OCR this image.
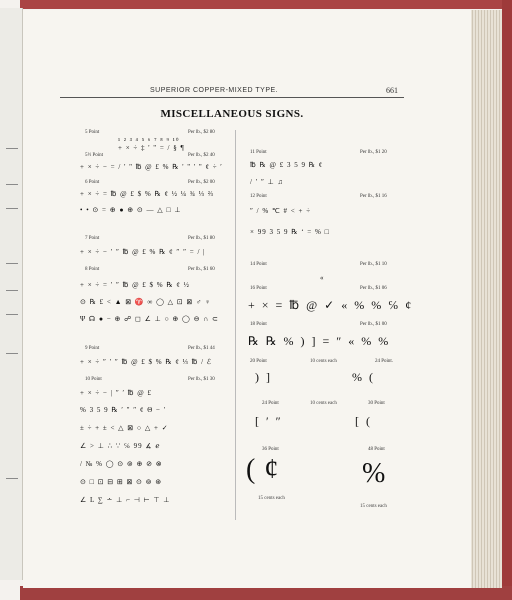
SUPERIOR COPPER-MIXED TYPE.	661
MISCELLANEOUS SIGNS.
5 Point	Per lb., $2 80
¹ ² ³ ⁴ ⁵ ⁶ ⁷ ⁸ ⁹ ¹⁰
+ × ÷ ‡ ' " = / § ¶
5½ Point	Per lb., $2 40
+ × ÷ − = / ' " ℔ @ £ % ℞ ' " ' " ¢ ÷ ′
6 Point	Per lb., $2 00
+ × ÷ = ℔ @ £ $ % ℞ ¢ ½ ¼ ¾ ⅓ ⅔
• • ⊙ = ⊕ ● ⊕ ⊙ — △ □ ⊥
7 Point	Per lb., $1 80
+ × ÷ − ′ ″ ℔ @ £ % ℞ ¢ ″ ″ = / |
8 Point	Per lb., $1 60
+ × ÷ = ′ ″ ℔ @ £ $ % ℞ ¢ ½
⊙ ℞ £ < ▲ ⊠ ♈ ∞ ◯ △ ⊡ ⊠ ♂ ♀
Ψ ☊ ● − ⊕ ☍ ◻ ∠ ⊥ ○ ⊕ ◯ ⊖ ∩ ⊂
9 Point	Per lb., $1 44
+ × ÷ ″ ′ ″ ℔ @ £ $ % ℞ ¢ ⅓ ℔ / ℰ
10 Point	Per lb., $1 30
+ × ÷ − | ″ ′ ℔ @ £
% 3 5 9 ℞ ′ ″ ″ ¢ Θ − ′
± ÷ + ± < △ ⊠ ○ △ + ✓
∠ > ⊥ ∴ ∵ ℅ 99 ∡ ℯ
/ № % ◯ ⊙ ⊚ ⊕ ⊘ ⊗
⊙ □ ⊡ ⊟ ⊞ ⊠ ⊙ ⊚ ⊛
∠ L ∑ ∸ ⊥ ⌐ ⊣ ⊢ ⊤ ⊥
11 Point	Per lb., $1 20
℔ ℞ @ £ 3 5 9 ℞ ¢
/ ′ ″ ⊥ ♫
12 Point	Per lb., $1 16
″ / % ℃ # < + ÷
× 99 3 5 9 ℞ ‘ = % □
14 Point	Per lb., $1 10
«
16 Point	Per lb., $1 06
+ × = ℔ @ ✓ « % % ℅ ¢
18 Point	Per lb., $1 00
℞ ℞ % ) ] = ″ « % %
20 Point	10 cents each
) ]
24 Point.
% (
24 Point	10 cents each
[ ′ ″
30 Point
[ (
36 Point
( ¢
15 cents each
48 Point
%
15 cents each
